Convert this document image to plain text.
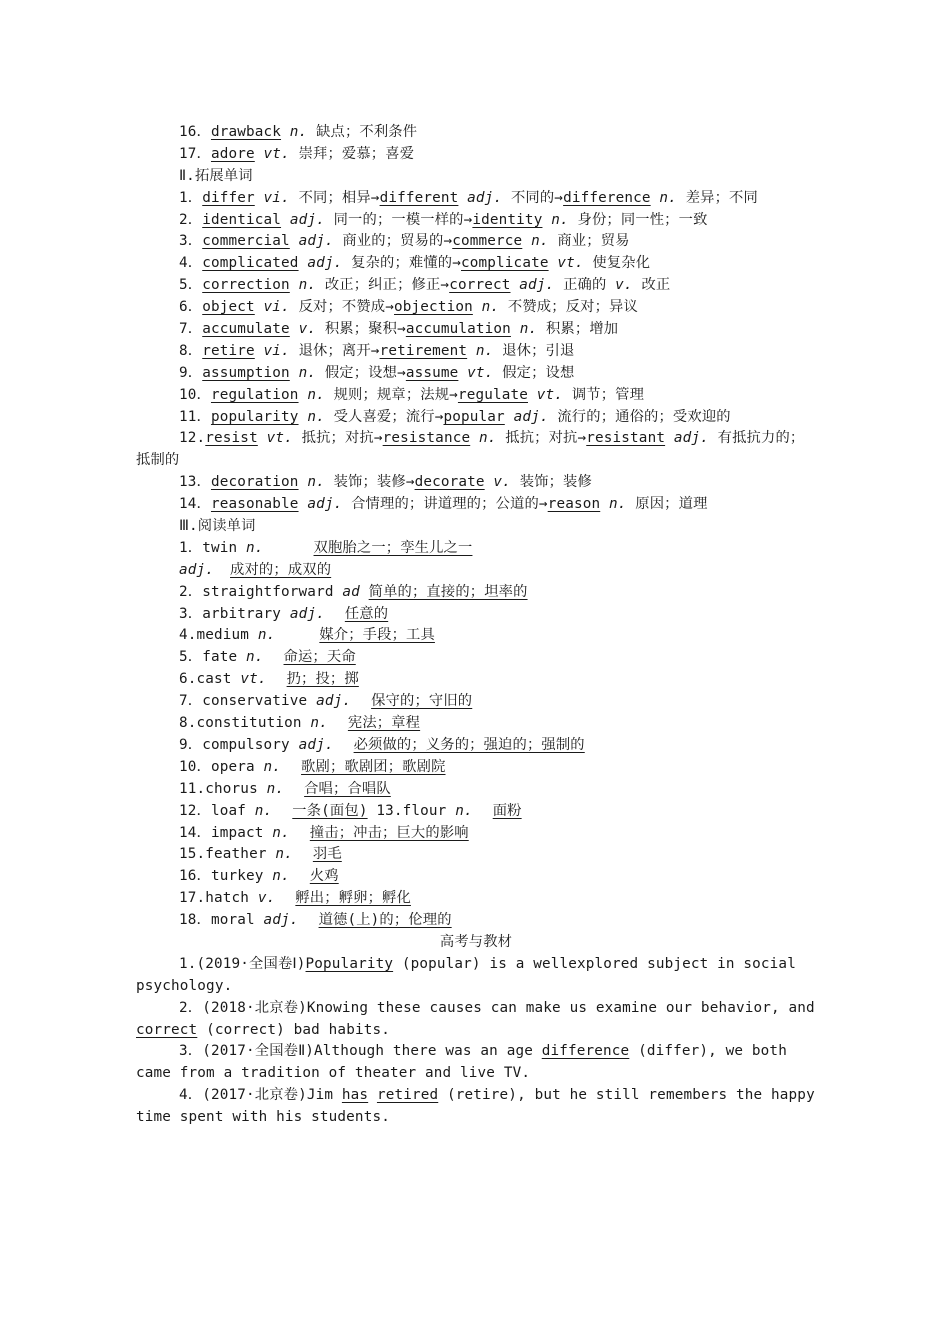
16．drawback n. 缺点；不利条件
17．adore vt. 崇拜；爱慕；喜爱
Ⅱ.拓展单词
1．differ vi. 不同；相异→different adj. 不同的→difference n. 差异；不同
2．identical adj. 同一的；一模一样的→identity n. 身份；同一性；一致
3．commercial adj. 商业的；贸易的→commerce n. 商业；贸易
4．complicated adj. 复杂的；难懂的→complicate vt. 使复杂化
5．correction n. 改正；纠正；修正→correct adj. 正确的 v. 改正
6．object vi. 反对；不赞成→objection n. 不赞成；反对；异议
7．accumulate v. 积累；聚积→accumulation n. 积累；增加
8．retire vi. 退休；离开→retirement n. 退休；引退
9．assumption n. 假定；设想→assume vt. 假定；设想
10．regulation n. 规则；规章；法规→regulate vt. 调节；管理
11．popularity n. 受人喜爱；流行→popular adj. 流行的；通俗的；受欢迎的
12.resist vt. 抵抗；对抗→resistance n. 抵抗；对抗→resistant adj. 有抵抗力的；
抵制的
13．decoration n. 装饰；装修→decorate v. 装饰；装修
14．reasonable adj. 合情理的；讲道理的；公道的→reason n. 原因；道理
Ⅲ.阅读单词
1．twin n.	双胞胎之一；孪生儿之一
adj. 成对的；成双的
2．straightforward ad 简单的；直接的；坦率的
3．arbitrary adj. 任意的
4.medium n.	媒介；手段；工具
5．fate n. 命运；天命
6.cast vt. 扔；投；掷
7．conservative adj. 保守的；守旧的
8.constitution n. 宪法；章程
9．compulsory adj. 必须做的；义务的；强迫的；强制的
10．opera n. 歌剧；歌剧团；歌剧院
11.chorus n. 合唱；合唱队
12．loaf n. 一条(面包) 13.flour n. 面粉
14．impact n. 撞击；冲击；巨大的影响
15.feather n. 羽毛
16．turkey n. 火鸡
17.hatch v. 孵出；孵卵；孵化
18．moral adj. 道德(上)的；伦理的
高考与教材
1.(2019·全国卷Ⅰ)Popularity (popular) is a wellexplored subject in social
psychology.
2．(2018·北京卷)Knowing these causes can make us examine our behavior, and
correct (correct) bad habits.
3．(2017·全国卷Ⅱ)Although there was an age difference (differ), we both
came from a tradition of theater and live TV.
4．(2017·北京卷)Jim has retired (retire), but he still remembers the happy
time spent with his students.
